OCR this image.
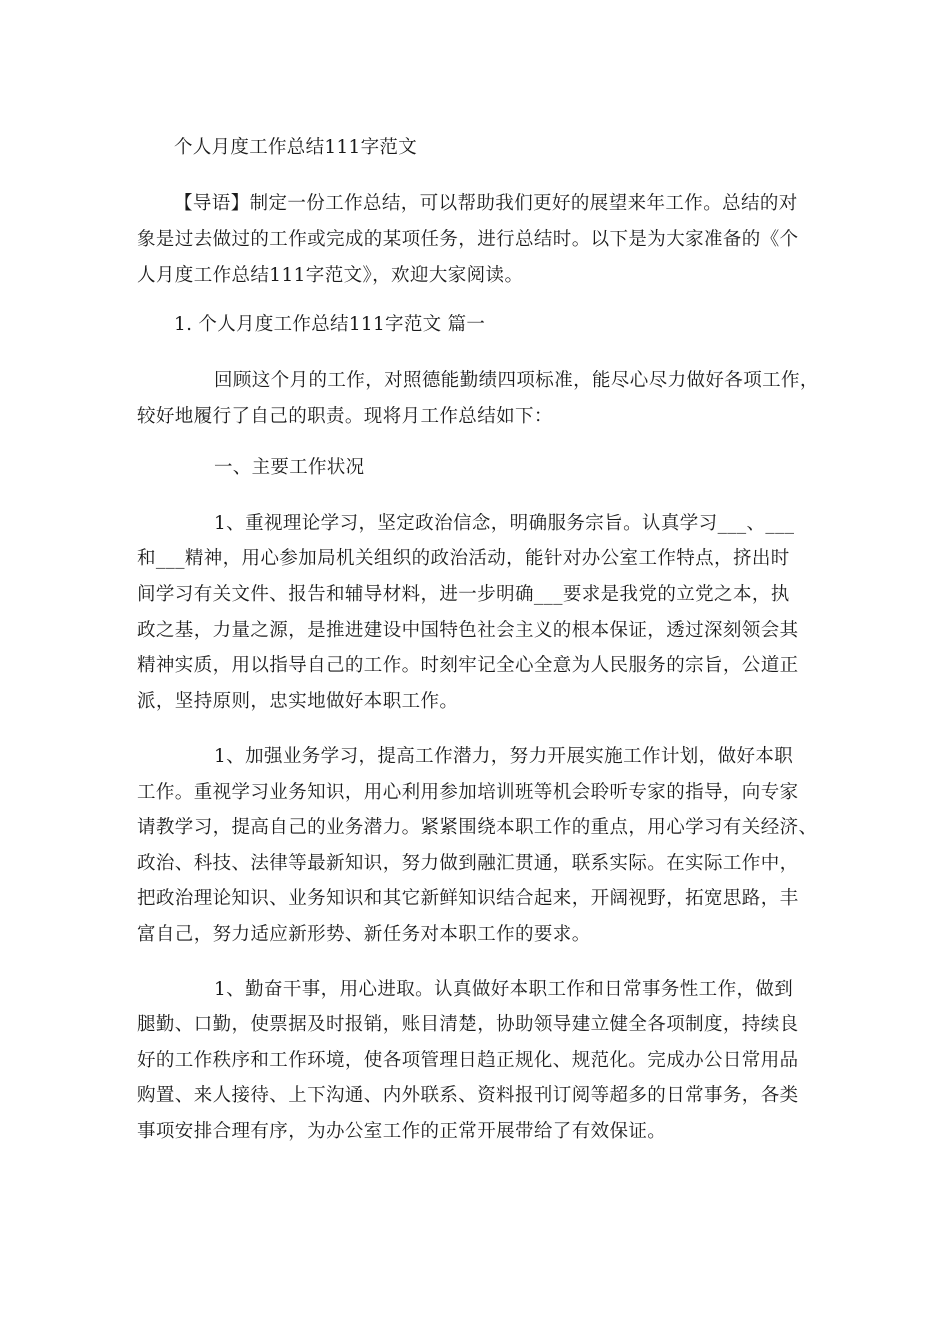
个人月度工作总结111字范文
【导语】制定一份工作总结，可以帮助我们更好的展望来年工作。总结的对
象是过去做过的工作或完成的某项任务，进行总结时。以下是为大家准备的《个
人月度工作总结111字范文》，欢迎大家阅读。
1. 个人月度工作总结111字范文 篇一
回顾这个月的工作，对照德能勤绩四项标准，能尽心尽力做好各项工作，
较好地履行了自己的职责。现将月工作总结如下：
一、主要工作状况
1、重视理论学习，坚定政治信念，明确服务宗旨。认真学习___、___
和___精神，用心参加局机关组织的政治活动，能针对办公室工作特点，挤出时
间学习有关文件、报告和辅导材料，进一步明确___要求是我党的立党之本，执
政之基，力量之源，是推进建设中国特色社会主义的根本保证，透过深刻领会其
精神实质，用以指导自己的工作。时刻牢记全心全意为人民服务的宗旨，公道正
派，坚持原则，忠实地做好本职工作。
1、加强业务学习，提高工作潜力，努力开展实施工作计划，做好本职
工作。重视学习业务知识，用心利用参加培训班等机会聆听专家的指导，向专家
请教学习，提高自己的业务潜力。紧紧围绕本职工作的重点，用心学习有关经济、
政治、科技、法律等最新知识，努力做到融汇贯通，联系实际。在实际工作中，
把政治理论知识、业务知识和其它新鲜知识结合起来，开阔视野，拓宽思路，丰
富自己，努力适应新形势、新任务对本职工作的要求。
1、勤奋干事，用心进取。认真做好本职工作和日常事务性工作，做到
腿勤、口勤，使票据及时报销，账目清楚，协助领导建立健全各项制度，持续良
好的工作秩序和工作环境，使各项管理日趋正规化、规范化。完成办公日常用品
购置、来人接待、上下沟通、内外联系、资料报刊订阅等超多的日常事务，各类
事项安排合理有序，为办公室工作的正常开展带给了有效保证。
